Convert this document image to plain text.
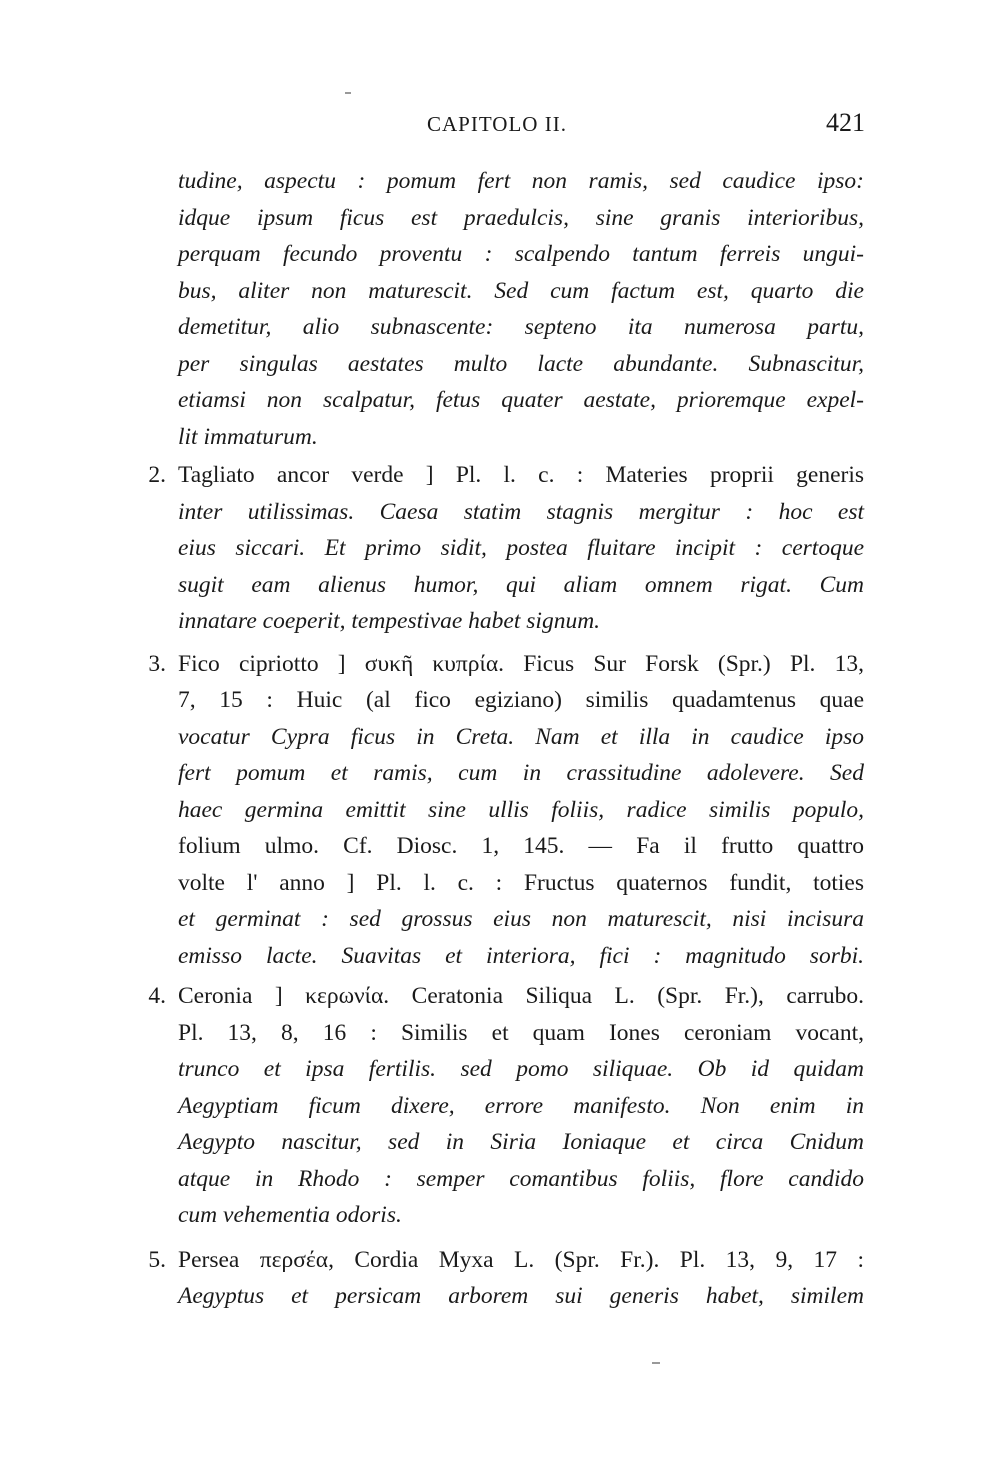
CAPITOLO II.	421
tudine, aspectu : pomum fert non ramis, sed caudice ipso:
idque ipsum ficus est praedulcis, sine granis interioribus,
perquam fecundo proventu : scalpendo tantum ferreis ungui-
bus, aliter non maturescit. Sed cum factum est, quarto die
demetitur, alio subnascente: septeno ita numerosa partu,
per singulas aestates multo lacte abundante. Subnascitur,
etiamsi non scalpatur, fetus quater aestate, prioremque expel-
lit immaturum.
2. Tagliato ancor verde ] Pl. l. c. : Materies proprii generis
inter utilissimas. Caesa statim stagnis mergitur : hoc est
eius siccari. Et primo sidit, postea fluitare incipit : certoque
sugit eam alienus humor, qui aliam omnem rigat. Cum
innatare coeperit, tempestivae habet signum.
3. Fico cipriotto ] συκῆ κυπρία. Ficus Sur Forsk (Spr.) Pl. 13,
7, 15 : Huic (al fico egiziano) similis quadamtenus quae
vocatur Cypra ficus in Creta. Nam et illa in caudice ipso
fert pomum et ramis, cum in crassitudine adolevere. Sed
haec germina emittit sine ullis foliis, radice similis populo,
folium ulmo. Cf. Diosc. 1, 145. — Fa il frutto quattro
volte l' anno ] Pl. l. c. : Fructus quaternos fundit, toties
et germinat : sed grossus eius non maturescit, nisi incisura
emisso lacte. Suavitas et interiora, fici : magnitudo sorbi.
4. Ceronia ] κερωνία. Ceratonia Siliqua L. (Spr. Fr.), carrubo.
Pl. 13, 8, 16 : Similis et quam Iones ceroniam vocant,
trunco et ipsa fertilis. sed pomo siliquae. Ob id quidam
Aegyptiam ficum dixere, errore manifesto. Non enim in
Aegypto nascitur, sed in Siria Ioniaque et circa Cnidum
atque in Rhodo : semper comantibus foliis, flore candido
cum vehementia odoris.
5. Persea περσέα, Cordia Myxa L. (Spr. Fr.). Pl. 13, 9, 17 :
Aegyptus et persicam arborem sui generis habet, similem
